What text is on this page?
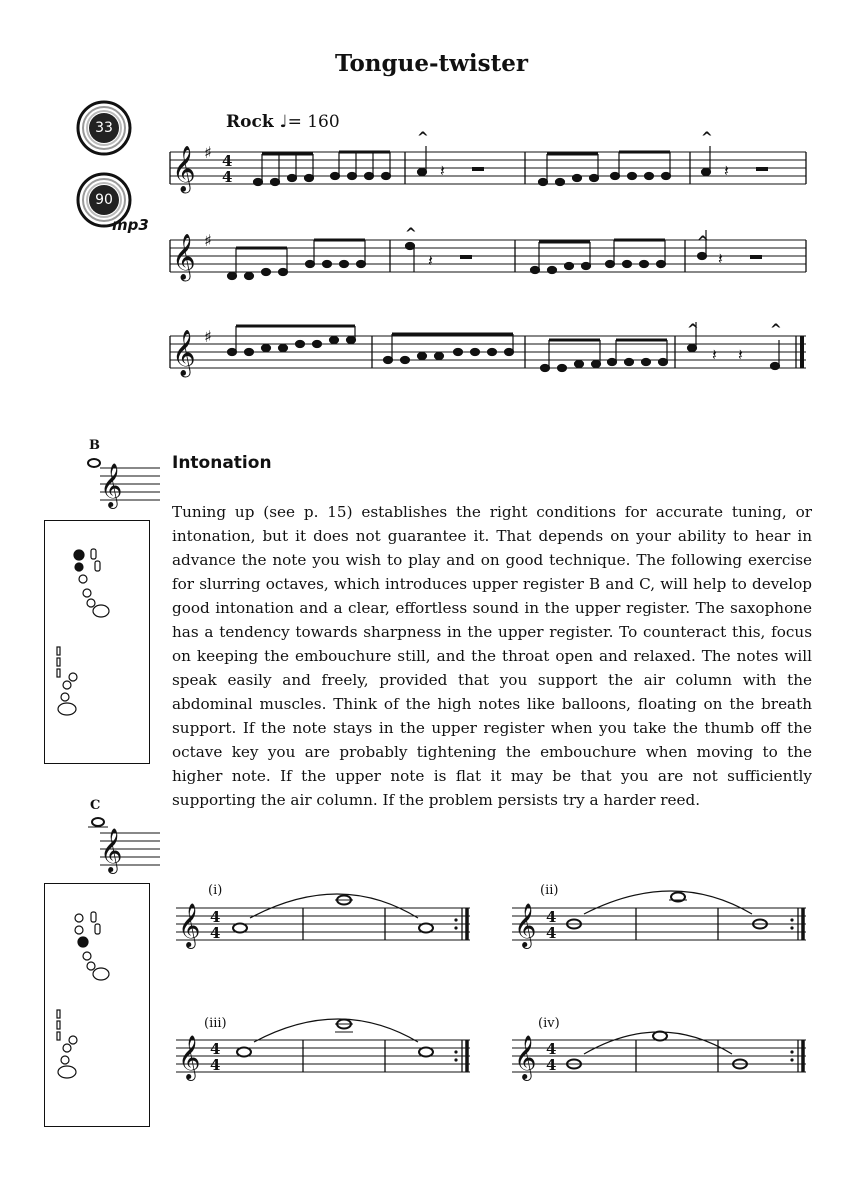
Tongue-twister
Rock ♩= 160
33
90
mp3
𝄞
𝄞
𝄞
♯
♯
♯
4
4
^	^
^	^
^	^
𝄽	𝄽
𝄽	𝄽
𝄽 𝄽
B
𝄞
𝄞
C
Intonation
Tuning up (see p. 15) establishes the right conditions for accurate tuning, or intonation, but it does not guarantee it. That depends on your ability to hear in advance the note you wish to play and on good technique. The following exercise for slurring octaves, which introduces upper register B and C, will help to develop good intonation and a clear, effortless sound in the upper register. The saxophone has a tendency towards sharpness in the upper register. To counteract this, focus on keeping the embouchure still, and the throat open and relaxed. The notes will speak easily and freely, provided that you support the air column with the abdominal muscles. Think of the high notes like balloons, floating on the breath support. If the note stays in the upper register when you take the thumb off the octave key you are probably tightening the embouchure when moving to the higher note. If the upper note is flat it may be that you are not sufficiently supporting the air column. If the problem persists try a harder reed.
(i)	(ii)
(iii)	(iv)
𝄞	𝄞
𝄞	𝄞
4
4
4
4
4
4
4
4
